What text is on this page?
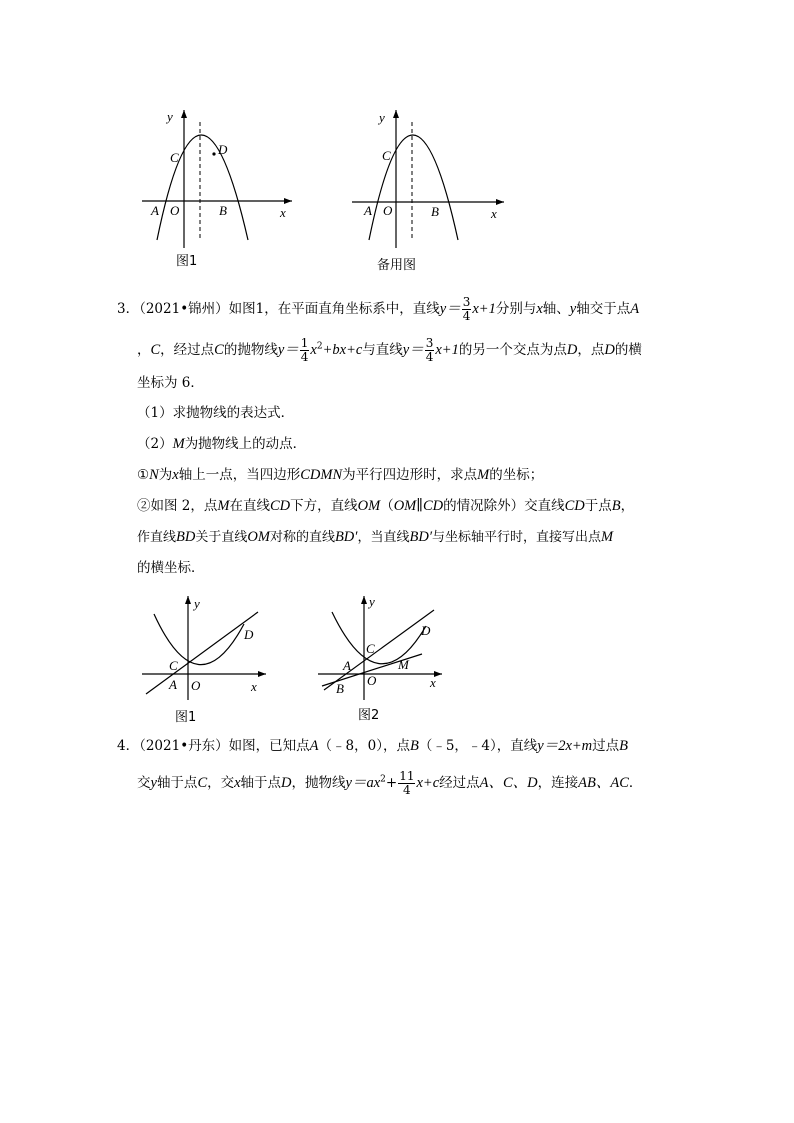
y
x
C
D
A O	B
图1
y
x
C
A O	B
备用图
3．（2021•锦州）如图1，在平面直角坐标系中，直线$y= \frac{3}{4} x+1$分别与x轴、y轴交于点A
，C，经过点C的抛物线$y= \frac{1}{4} x^2+bx+c$与直线$y= \frac{3}{4} x+1$的另一个交点为点D，点D的横
坐标为 6．
（1）求抛物线的表达式．
（2）M为抛物线上的动点．
①N为x轴上一点，当四边形CDMN为平行四边形时，求点M的坐标；
②如图 2，点M在直线CD下方，直线OM（OM∥CD的情况除外）交直线CD于点B，
作直线BD关于直线OM对称的直线BD′，当直线BD′与坐标轴平行时，直接写出点M
的横坐标．
y
x
C
D
A O
图1
y
x
C
D
A
O
B
M
图2
4．（2021•丹东）如图，已知点A（﹣8，0），点B（﹣5，﹣4），直线y＝2x+m过点B
交y轴于点C，交x轴于点D，抛物线$y=ax^2+ \frac{11}{4} x+c$经过点A、C、D，连接AB、AC．
